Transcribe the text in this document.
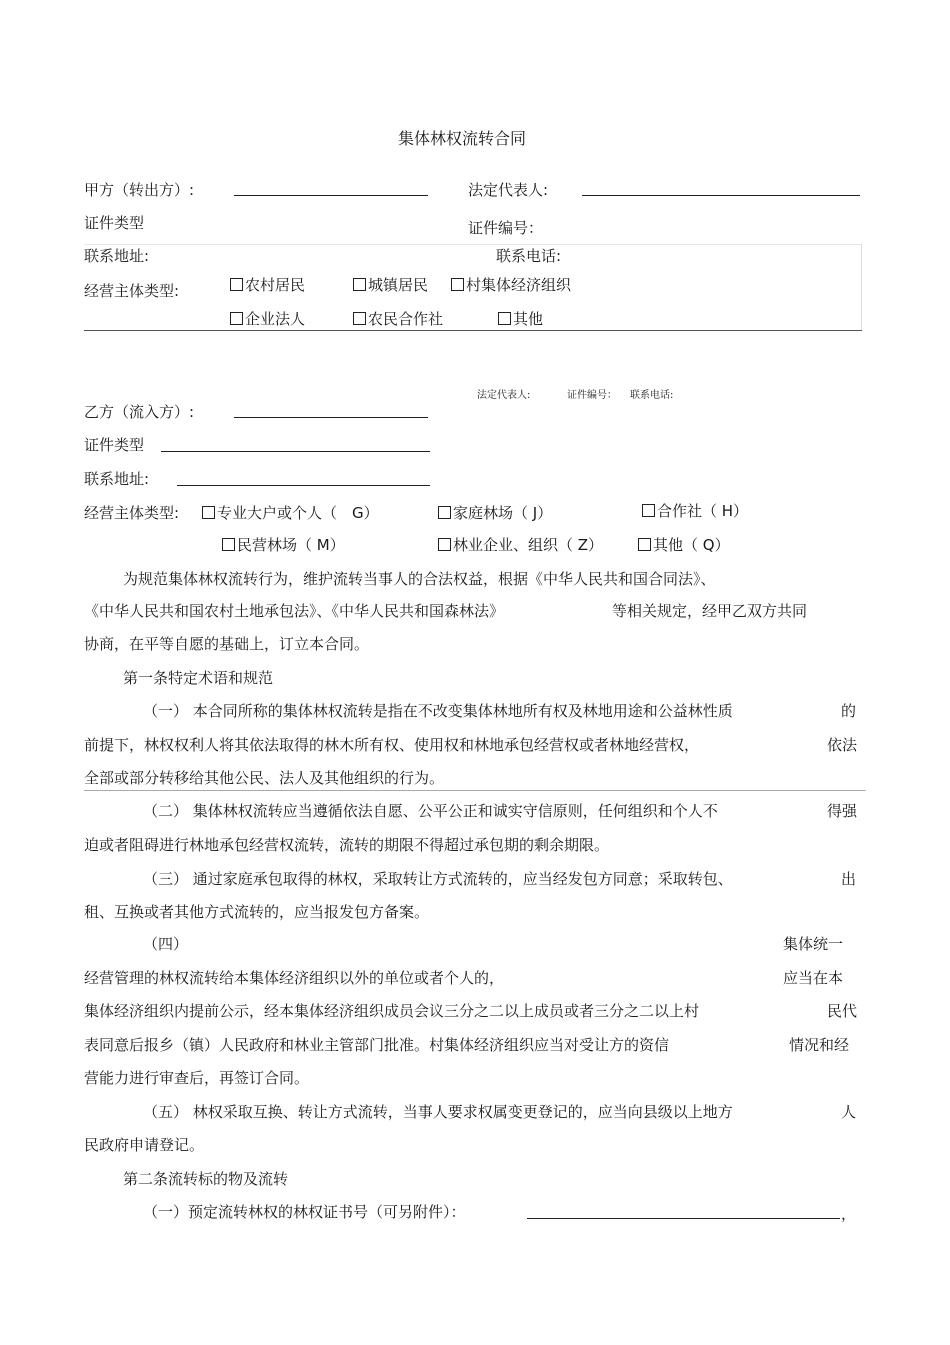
集体林权流转合同
甲方（转出方）:	法定代表人:
证件类型	证件编号：
联系地址:	联系电话:
经营主体类型:	农村居民	城镇居民	村集体经济组织
企业法人	农民合作社	其他
法定代表人:	证件编号： 联系电话:
乙方（流入方）:
证件类型
联系地址:
经营主体类型:	专业大户或个人（　G）	家庭林场（ J）	合作社（ H）
民营林场（ M）	林业企业、组织（ Z）	其他（ Q）
为规范集体林权流转行为，维护流转当事人的合法权益，根据《中华人民共和国合同法》、
《中华人民共和国农村土地承包法》、《中华人民共和国森林法》	等相关规定，经甲乙双方共同
协商，在平等自愿的基础上，订立本合同。
第一条特定术语和规范
（一） 本合同所称的集体林权流转是指在不改变集体林地所有权及林地用途和公益林性质	的
前提下，林权权利人将其依法取得的林木所有权、使用权和林地承包经营权或者林地经营权，	依法
全部或部分转移给其他公民、法人及其他组织的行为。
（二） 集体林权流转应当遵循依法自愿、公平公正和诚实守信原则，任何组织和个人不	得强
迫或者阻碍进行林地承包经营权流转，流转的期限不得超过承包期的剩余期限。
（三） 通过家庭承包取得的林权，采取转让方式流转的，应当经发包方同意；采取转包、	出
租、互换或者其他方式流转的，应当报发包方备案。
（四）	集体统一
经营管理的林权流转给本集体经济组织以外的单位或者个人的，	应当在本
集体经济组织内提前公示，经本集体经济组织成员会议三分之二以上成员或者三分之二以上村	民代
表同意后报乡（镇）人民政府和林业主管部门批准。村集体经济组织应当对受让方的资信	情况和经
营能力进行审查后，再签订合同。
（五） 林权采取互换、转让方式流转，当事人要求权属变更登记的，应当向县级以上地方	人
民政府申请登记。
第二条流转标的物及流转
（一）预定流转林权的林权证书号（可另附件）：	，
